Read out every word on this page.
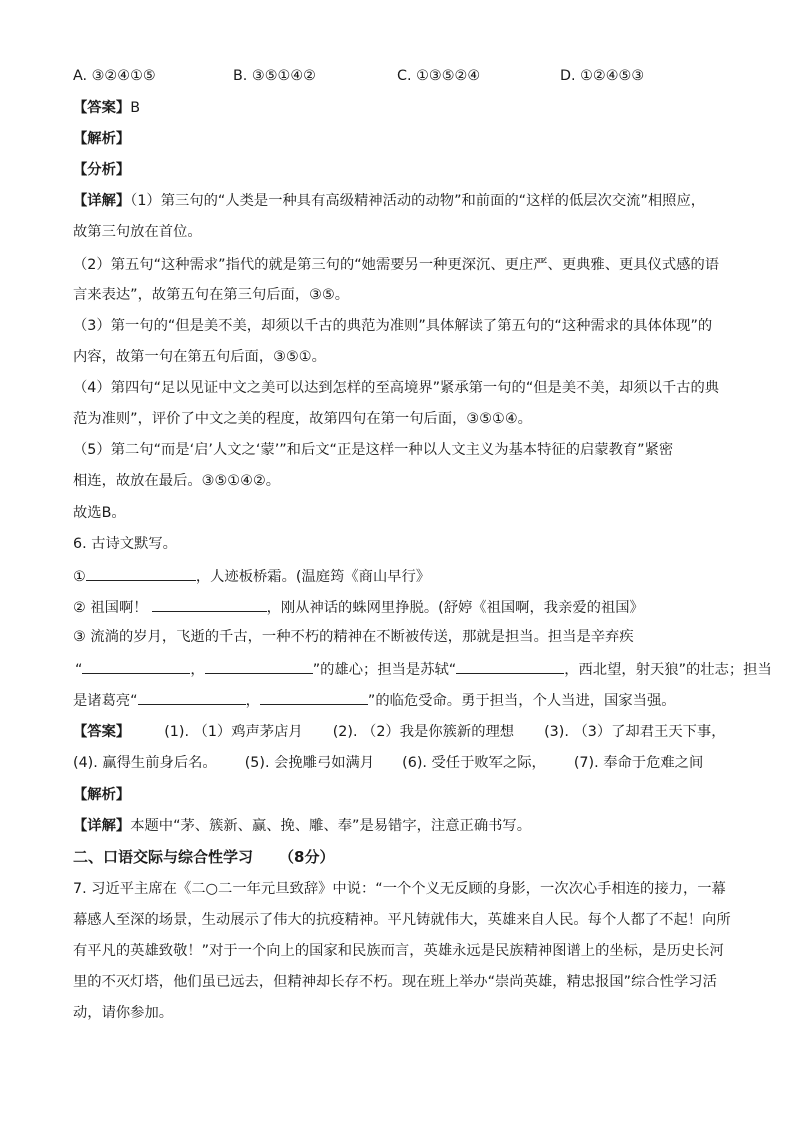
A. ③②④①⑤	B. ③⑤①④②	C. ①③⑤②④	D. ①②④⑤③
【答案】B
【解析】
【分析】
【详解】（1）第三句的“人类是一种具有高级精神活动的动物”和前面的“这样的低层次交流”相照应，
故第三句放在首位。
（2）第五句“这种需求”指代的就是第三句的“她需要另一种更深沉、更庄严、更典雅、更具仪式感的语
言来表达”，故第五句在第三句后面，③⑤。
（3）第一句的“但是美不美，却须以千古的典范为准则”具体解读了第五句的“这种需求的具体体现”的
内容，故第一句在第五句后面，③⑤①。
（4）第四句“足以见证中文之美可以达到怎样的至高境界”紧承第一句的“但是美不美，却须以千古的典
范为准则”，评价了中文之美的程度，故第四句在第一句后面，③⑤①④。
（5）第二句“而是‘启’人文之‘蒙’”和后文“正是这样一种以人文主义为基本特征的启蒙教育”紧密
相连，故放在最后。③⑤①④②。
故选B。
6. 古诗文默写。
①	，人迹板桥霜。(温庭筠《商山早行》
② 祖国啊！	，刚从神话的蛛网里挣脱。(舒婷《祖国啊，我亲爱的祖国》
③ 流淌的岁月，飞逝的千古，一种不朽的精神在不断被传送，那就是担当。担当是辛弃疾
“	，	”的雄心；担当是苏轼“	，西北望，射天狼”的壮志；担当
是诸葛亮“	，	”的临危受命。勇于担当，个人当进，国家当强。
【答案】 (1). （1）鸡声茅店月 (2). （2）我是你簇新的理想 (3). （3）了却君王天下事，
(4). 赢得生前身后名。 (5). 会挽雕弓如满月 (6). 受任于败军之际， (7). 奉命于危难之间
【解析】
【详解】本题中“茅、簇新、赢、挽、雕、奉”是易错字，注意正确书写。
二、口语交际与综合性学习 （8分）
7. 习近平主席在《二○二一年元旦致辞》中说：“一个个义无反顾的身影，一次次心手相连的接力，一幕
幕感人至深的场景，生动展示了伟大的抗疫精神。平凡铸就伟大，英雄来自人民。每个人都了不起！向所
有平凡的英雄致敬！”对于一个向上的国家和民族而言，英雄永远是民族精神图谱上的坐标，是历史长河
里的不灭灯塔，他们虽已远去，但精神却长存不朽。现在班上举办“崇尚英雄，精忠报国”综合性学习活
动，请你参加。
